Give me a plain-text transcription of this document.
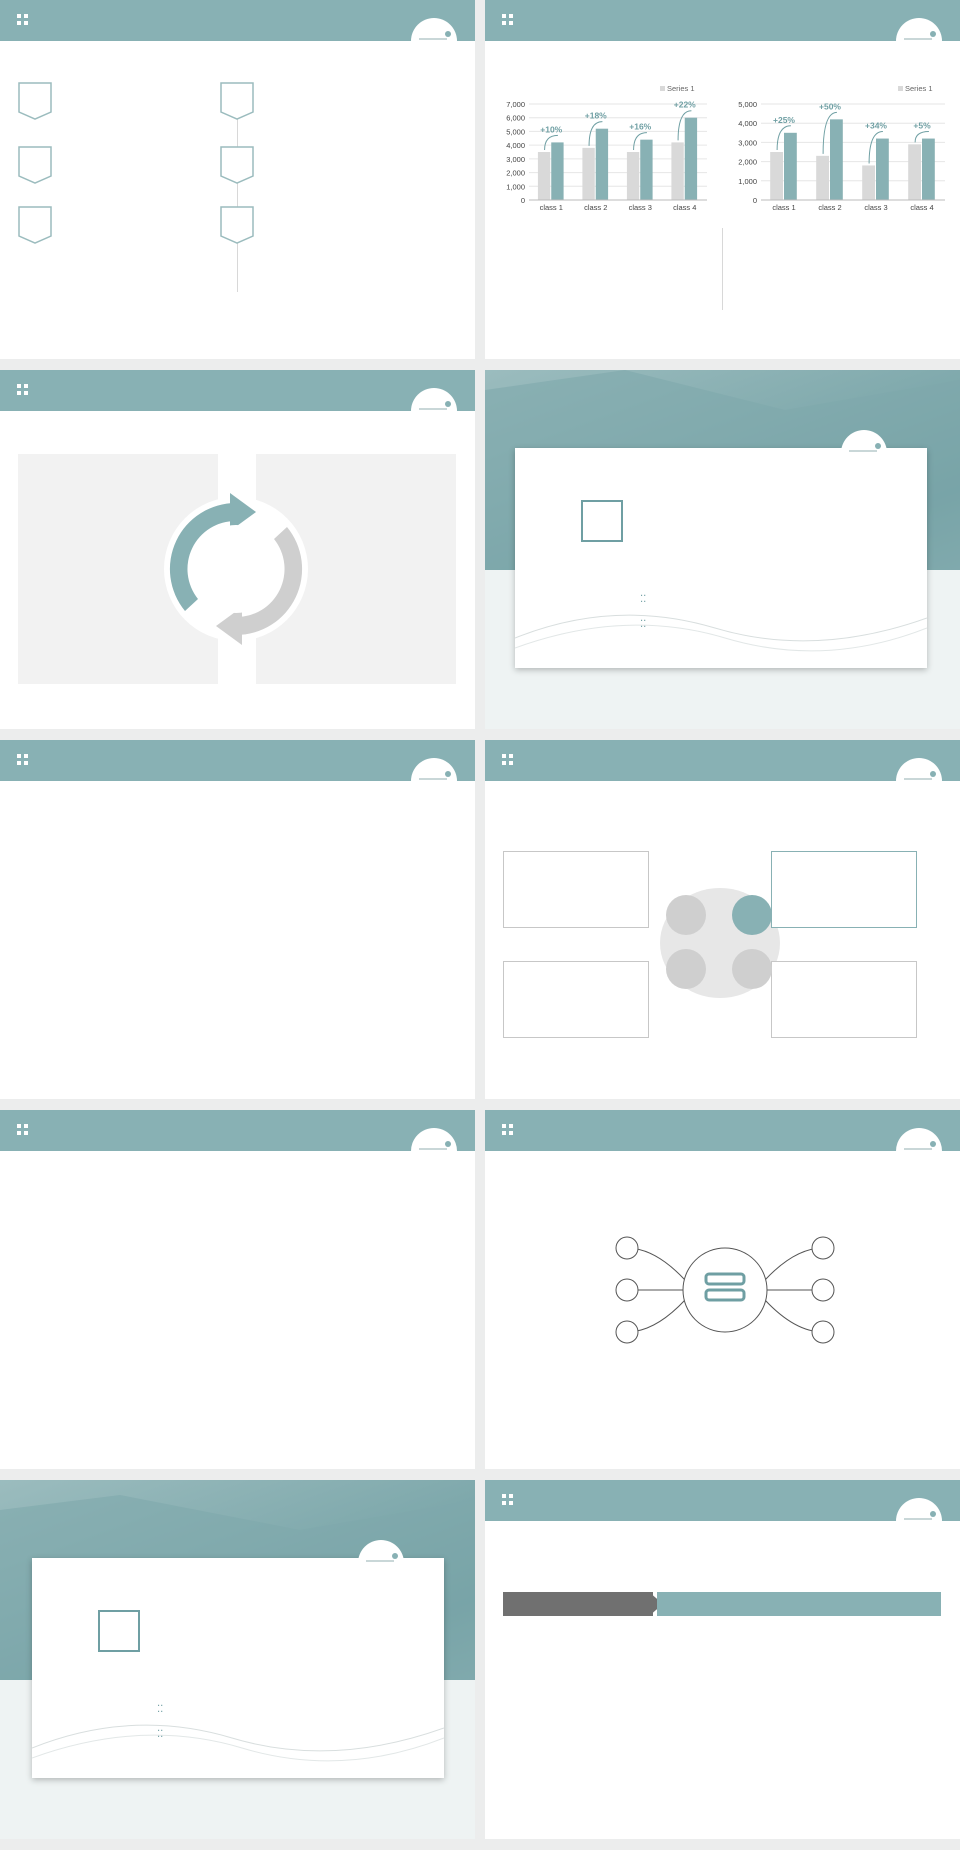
Series 1
0
1,000
2,000
3,000
4,000
5,000
6,000
7,000
class 1
+10%
class 2
+18%
class 3
+16%
class 4
+22%
Series 1
0
1,000
2,000
3,000
4,000
5,000
class 1
+25%
class 2
+50%
class 3
+34%
class 4
+5%
⁚⁚
⁚⁚

⁚⁚
⁚⁚
